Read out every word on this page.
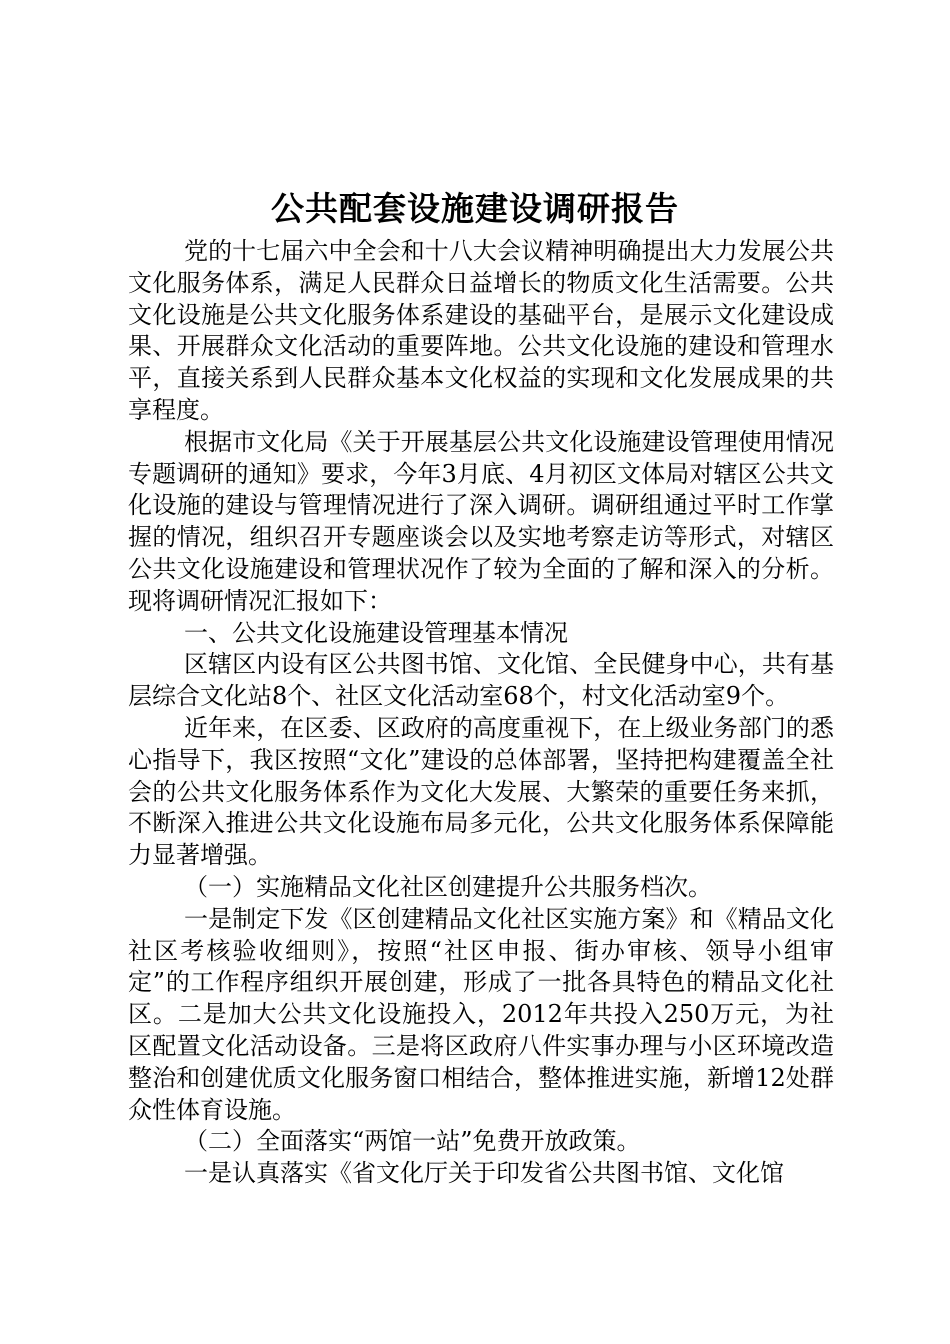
公共配套设施建设调研报告

党的十七届六中全会和十八大会议精神明确提出大力发展公共文化服务体系，满足人民群众日益增长的物质文化生活需要。公共文化设施是公共文化服务体系建设的基础平台，是展示文化建设成果、开展群众文化活动的重要阵地。公共文化设施的建设和管理水平，直接关系到人民群众基本文化权益的实现和文化发展成果的共享程度。

根据市文化局《关于开展基层公共文化设施建设管理使用情况专题调研的通知》要求，今年3月底、4月初区文体局对辖区公共文化设施的建设与管理情况进行了深入调研。调研组通过平时工作掌握的情况，组织召开专题座谈会以及实地考察走访等形式，对辖区公共文化设施建设和管理状况作了较为全面的了解和深入的分析。现将调研情况汇报如下：

一、公共文化设施建设管理基本情况

区辖区内设有区公共图书馆、文化馆、全民健身中心，共有基层综合文化站8个、社区文化活动室68个，村文化活动室9个。

近年来，在区委、区政府的高度重视下，在上级业务部门的悉心指导下，我区按照“文化”建设的总体部署，坚持把构建覆盖全社会的公共文化服务体系作为文化大发展、大繁荣的重要任务来抓，不断深入推进公共文化设施布局多元化，公共文化服务体系保障能力显著增强。

（一）实施精品文化社区创建提升公共服务档次。

一是制定下发《区创建精品文化社区实施方案》和《精品文化社区考核验收细则》，按照“社区申报、街办审核、领导小组审定”的工作程序组织开展创建，形成了一批各具特色的精品文化社区。二是加大公共文化设施投入，2012年共投入250万元，为社区配置文化活动设备。三是将区政府八件实事办理与小区环境改造整治和创建优质文化服务窗口相结合，整体推进实施，新增12处群众性体育设施。

（二）全面落实“两馆一站”免费开放政策。

一是认真落实《省文化厅关于印发省公共图书馆、文化馆
